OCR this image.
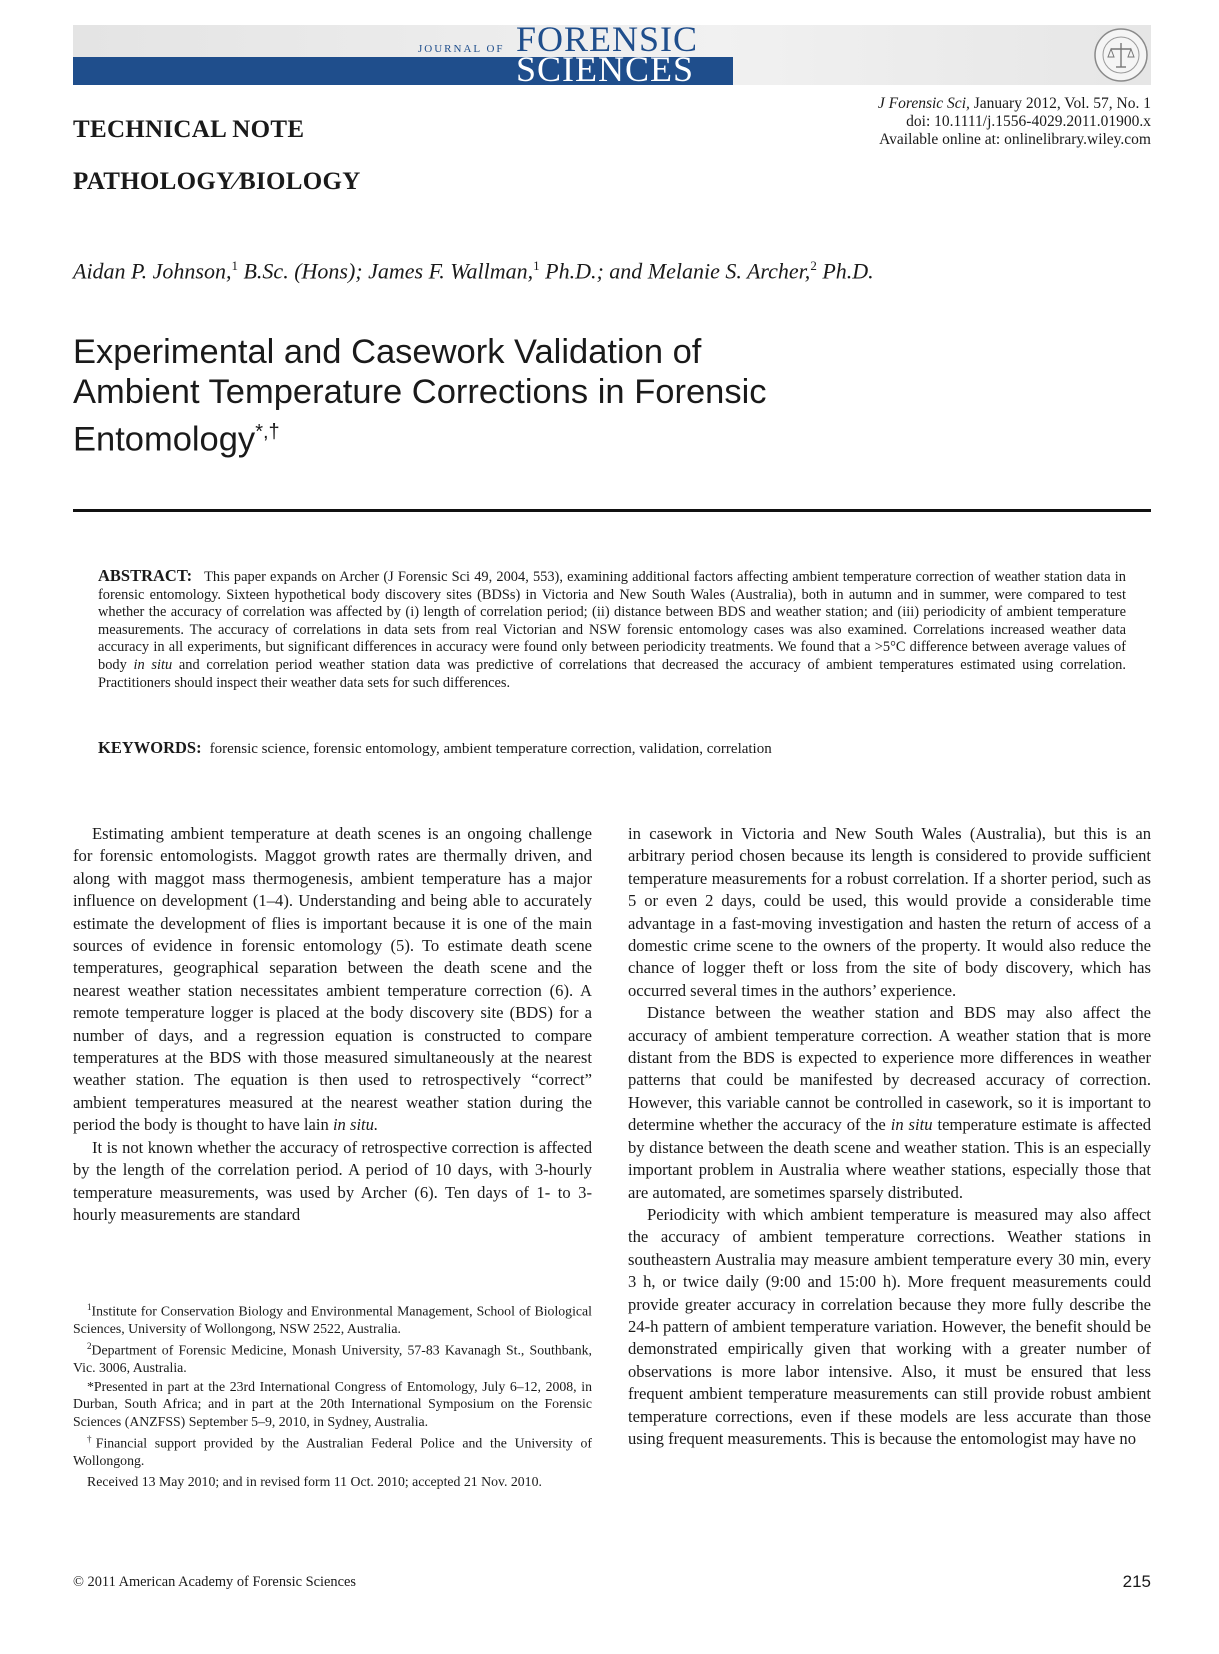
JOURNAL OF FORENSIC
SCIENCES
J Forensic Sci, January 2012, Vol. 57, No. 1
doi: 10.1111/j.1556-4029.2011.01900.x
Available online at: onlinelibrary.wiley.com
TECHNICAL NOTE
PATHOLOGY⁄BIOLOGY
Aidan P. Johnson,$^1$ B.Sc. (Hons); James F. Wallman,$^1$ Ph.D.; and Melanie S. Archer,$^2$ Ph.D.
Experimental and Casework Validation of
Ambient Temperature Corrections in Forensic
Entomology*,†
ABSTRACT: This paper expands on Archer (J Forensic Sci 49, 2004, 553), examining additional factors affecting ambient temperature correction of weather station data in forensic entomology. Sixteen hypothetical body discovery sites (BDSs) in Victoria and New South Wales (Australia), both in autumn and in summer, were compared to test whether the accuracy of correlation was affected by (i) length of correlation period; (ii) distance between BDS and weather station; and (iii) periodicity of ambient temperature measurements. The accuracy of correlations in data sets from real Victorian and NSW forensic entomology cases was also examined. Correlations increased weather data accuracy in all experiments, but significant differences in accuracy were found only between periodicity treatments. We found that a >5°C difference between average values of body in situ and correlation period weather station data was predictive of correlations that decreased the accuracy of ambient temperatures estimated using correlation. Practitioners should inspect their weather data sets for such differences.
KEYWORDS: forensic science, forensic entomology, ambient temperature correction, validation, correlation

Estimating ambient temperature at death scenes is an ongoing challenge for forensic entomologists. Maggot growth rates are thermally driven, and along with maggot mass thermogenesis, ambient temperature has a major influence on development (1–4). Understanding and being able to accurately estimate the development of flies is important because it is one of the main sources of evidence in forensic entomology (5). To estimate death scene temperatures, geographical separation between the death scene and the nearest weather station necessitates ambient temperature correction (6). A remote temperature logger is placed at the body discovery site (BDS) for a number of days, and a regression equation is constructed to compare temperatures at the BDS with those measured simultaneously at the nearest weather station. The equation is then used to retrospectively “correct” ambient temperatures measured at the nearest weather station during the period the body is thought to have lain in situ.

It is not known whether the accuracy of retrospective correction is affected by the length of the correlation period. A period of 10 days, with 3-hourly temperature measurements, was used by Archer (6). Ten days of 1- to 3-hourly measurements are standard

$^1$Institute for Conservation Biology and Environmental Management, School of Biological Sciences, University of Wollongong, NSW 2522, Australia.

$^2$Department of Forensic Medicine, Monash University, 57-83 Kavanagh St., Southbank, Vic. 3006, Australia.

*Presented in part at the 23rd International Congress of Entomology, July 6–12, 2008, in Durban, South Africa; and in part at the 20th International Symposium on the Forensic Sciences (ANZFSS) September 5–9, 2010, in Sydney, Australia.

†Financial support provided by the Australian Federal Police and the University of Wollongong.

Received 13 May 2010; and in revised form 11 Oct. 2010; accepted 21 Nov. 2010.

in casework in Victoria and New South Wales (Australia), but this is an arbitrary period chosen because its length is considered to provide sufficient temperature measurements for a robust correlation. If a shorter period, such as 5 or even 2 days, could be used, this would provide a considerable time advantage in a fast-moving investigation and hasten the return of access of a domestic crime scene to the owners of the property. It would also reduce the chance of logger theft or loss from the site of body discovery, which has occurred several times in the authors’ experience.

Distance between the weather station and BDS may also affect the accuracy of ambient temperature correction. A weather station that is more distant from the BDS is expected to experience more differences in weather patterns that could be manifested by decreased accuracy of correction. However, this variable cannot be controlled in casework, so it is important to determine whether the accuracy of the in situ temperature estimate is affected by distance between the death scene and weather station. This is an especially important problem in Australia where weather stations, especially those that are automated, are sometimes sparsely distributed.

Periodicity with which ambient temperature is measured may also affect the accuracy of ambient temperature corrections. Weather stations in southeastern Australia may measure ambient temperature every 30 min, every 3 h, or twice daily (9:00 and 15:00 h). More frequent measurements could provide greater accuracy in correlation because they more fully describe the 24-h pattern of ambient temperature variation. However, the benefit should be demonstrated empirically given that working with a greater number of observations is more labor intensive. Also, it must be ensured that less frequent ambient temperature measurements can still provide robust ambient temperature corrections, even if these models are less accurate than those using frequent measurements. This is because the entomologist may have no

© 2011 American Academy of Forensic Sciences	215
